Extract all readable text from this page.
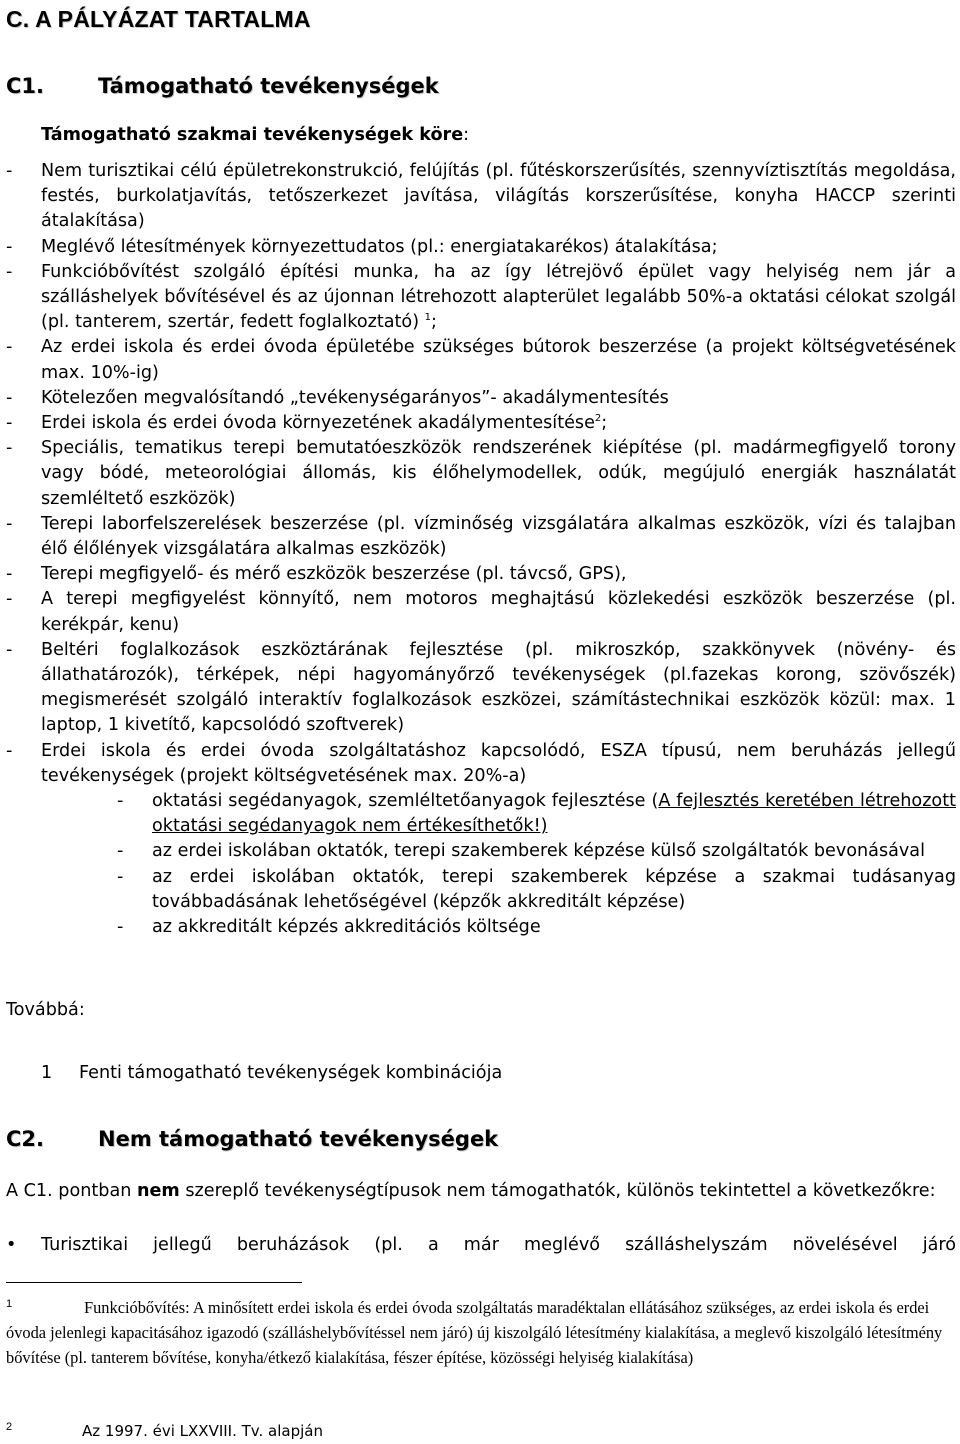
C. A PÁLYÁZAT TARTALMA
C1.	Támogatható tevékenységek
Támogatható szakmai tevékenységek köre:
- Nem turisztikai célú épületrekonstrukció, felújítás (pl. fűtéskorszerűsítés, szennyvíztisztítás megoldása, festés, burkolatjavítás, tetőszerkezet javítása, világítás korszerűsítése, konyha HACCP szerinti átalakítása)
- Meglévő létesítmények környezettudatos (pl.: energiatakarékos) átalakítása;
- Funkcióbővítést szolgáló építési munka, ha az így létrejövő épület vagy helyiség nem jár a szálláshelyek bővítésével és az újonnan létrehozott alapterület legalább 50%-a oktatási célokat szolgál (pl. tanterem, szertár, fedett foglalkoztató) $^1$;
- Az erdei iskola és erdei óvoda épületébe szükséges bútorok beszerzése (a projekt költségvetésének max. 10%-ig)
- Kötelezően megvalósítandó „tevékenységarányos”- akadálymentesítés
- Erdei iskola és erdei óvoda környezetének akadálymentesítése$^2$;
- Speciális, tematikus terepi bemutatóeszközök rendszerének kiépítése (pl. madármegfigyelő torony vagy bódé, meteorológiai állomás, kis élőhelymodellek, odúk, megújuló energiák használatát szemléltető eszközök)
- Terepi laborfelszerelések beszerzése (pl. vízminőség vizsgálatára alkalmas eszközök, vízi és talajban élő élőlények vizsgálatára alkalmas eszközök)
- Terepi megfigyelő- és mérő eszközök beszerzése (pl. távcső, GPS),
- A terepi megfigyelést könnyítő, nem motoros meghajtású közlekedési eszközök beszerzése (pl. kerékpár, kenu)
- Beltéri foglalkozások eszköztárának fejlesztése (pl. mikroszkóp, szakkönyvek (növény- és állathatározók), térképek, népi hagyományőrző tevékenységek (pl.fazekas korong, szövőszék) megismerését szolgáló interaktív foglalkozások eszközei, számítástechnikai eszközök közül: max. 1 laptop, 1 kivetítő, kapcsolódó szoftverek)
- Erdei iskola és erdei óvoda szolgáltatáshoz kapcsolódó, ESZA típusú, nem beruházás jellegű tevékenységek (projekt költségvetésének max. 20%-a)
- oktatási segédanyagok, szemléltetőanyagok fejlesztése (A fejlesztés keretében létrehozott oktatási segédanyagok nem értékesíthetők!)
- az erdei iskolában oktatók, terepi szakemberek képzése külső szolgáltatók bevonásával
- az erdei iskolában oktatók, terepi szakemberek képzése a szakmai tudásanyag továbbadásának lehetőségével (képzők akkreditált képzése)
- az akkreditált képzés akkreditációs költsége
Továbbá:
1 Fenti támogatható tevékenységek kombinációja
C2.	Nem támogatható tevékenységek
A C1. pontban nem szereplő tevékenységtípusok nem támogathatók, különös tekintettel a következőkre:
• Turisztikai jellegű beruházások (pl. a már meglévő szálláshelyszám növelésével járó
1	Funkcióbővítés: A minősített erdei iskola és erdei óvoda szolgáltatás maradéktalan ellátásához szükséges, az erdei iskola és erdei óvoda jelenlegi kapacitásához igazodó (szálláshelybővítéssel nem járó) új kiszolgáló létesítmény kialakítása, a meglevő kiszolgáló létesítmény bővítése (pl. tanterem bővítése, konyha/étkező kialakítása, fészer építése, közösségi helyiség kialakítása)
2	Az 1997. évi LXXVIII. Tv. alapján
